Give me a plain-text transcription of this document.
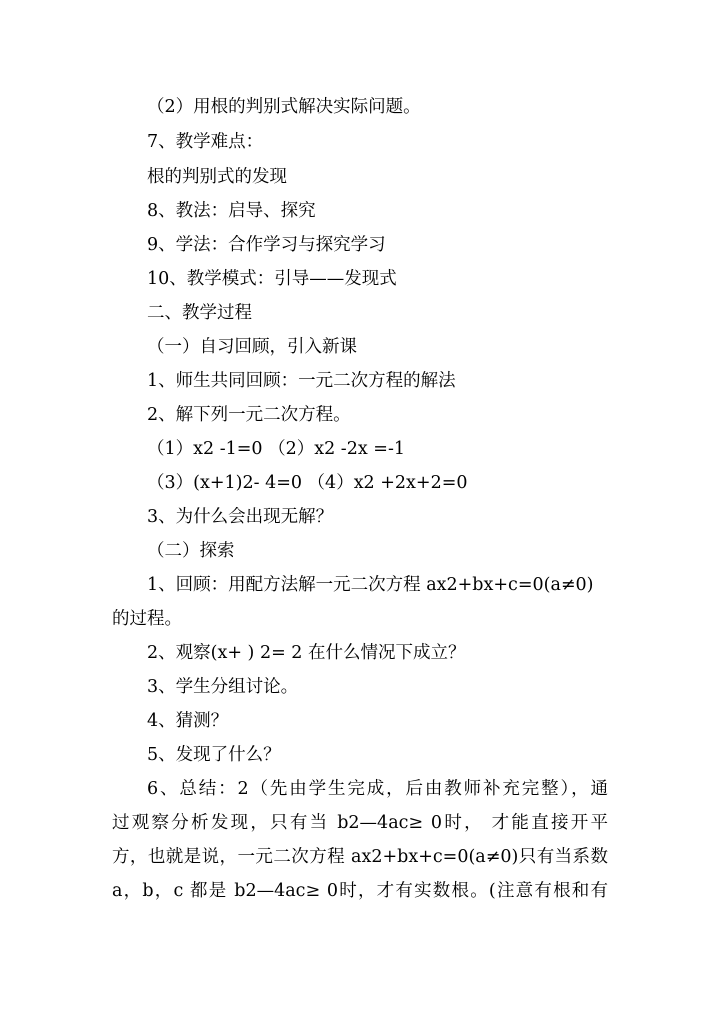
（2）用根的判别式解决实际问题。
7、教学难点：
根的判别式的发现
8、教法：启导、探究
9、学法：合作学习与探究学习
10、教学模式：引导——发现式
二、教学过程
（一）自习回顾，引入新课
1、师生共同回顾：一元二次方程的解法
2、解下列一元二次方程。
（1）x2 -1=0 （2）x2 -2x =-1
（3）(x+1)2- 4=0 （4）x2 +2x+2=0
3、为什么会出现无解？
（二）探索
1、回顾：用配方法解一元二次方程 ax2+bx+c=0(a≠0)
的过程。
2、观察(x+ ) 2= 2 在什么情况下成立？
3、学生分组讨论。
4、猜测？
5、发现了什么？
6、总结：2（先由学生完成，后由教师补充完整），通
过观察分析发现，只有当 b2—4ac≥ 0时， 才能直接开平
方，也就是说，一元二次方程 ax2+bx+c=0(a≠0)只有当系数
a，b，c 都是 b2—4ac≥ 0时，才有实数根。(注意有根和有
